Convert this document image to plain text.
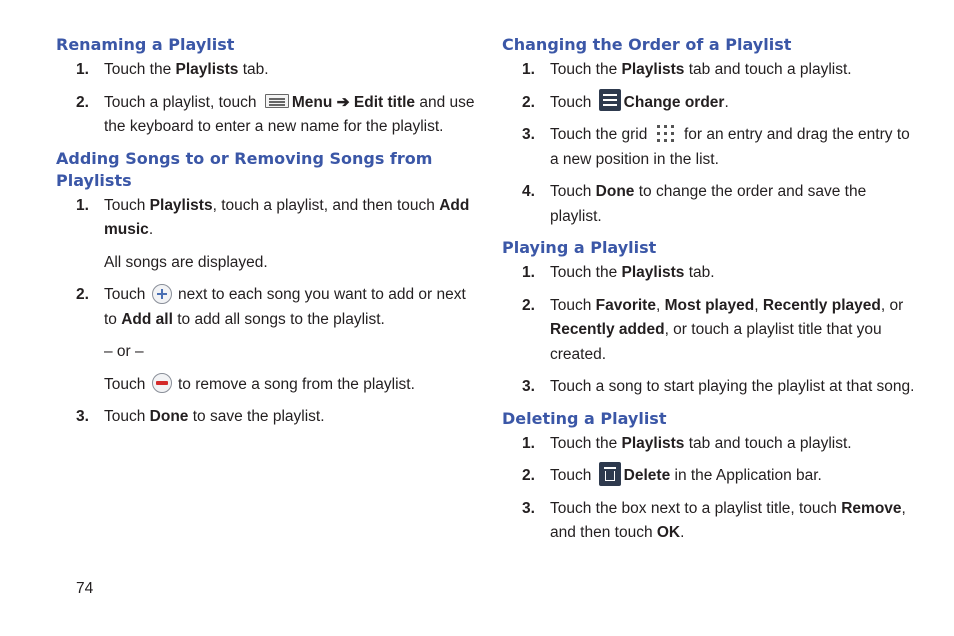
Renaming a Playlist
1. Touch the Playlists tab.
2. Touch a playlist, touch Menu ➔ Edit title and use the keyboard to enter a new name for the playlist.
Adding Songs to or Removing Songs from Playlists
1. Touch Playlists, touch a playlist, and then touch Add music.
All songs are displayed.
2. Touch  next to each song you want to add or next to Add all to add all songs to the playlist.
– or –
Touch  to remove a song from the playlist.
3. Touch Done to save the playlist.
Changing the Order of a Playlist
1. Touch the Playlists tab and touch a playlist.
2. Touch Change order.
3. Touch the grid
for an entry and drag the entry to a new position in the list.
4. Touch Done to change the order and save the playlist.
Playing a Playlist
1. Touch the Playlists tab.
2. Touch Favorite, Most played, Recently played, or Recently added, or touch a playlist title that you created.
3. Touch a song to start playing the playlist at that song.
Deleting a Playlist
1. Touch the Playlists tab and touch a playlist.
2. Touch Delete in the Application bar.
3. Touch the box next to a playlist title, touch Remove, and then touch OK.
74
